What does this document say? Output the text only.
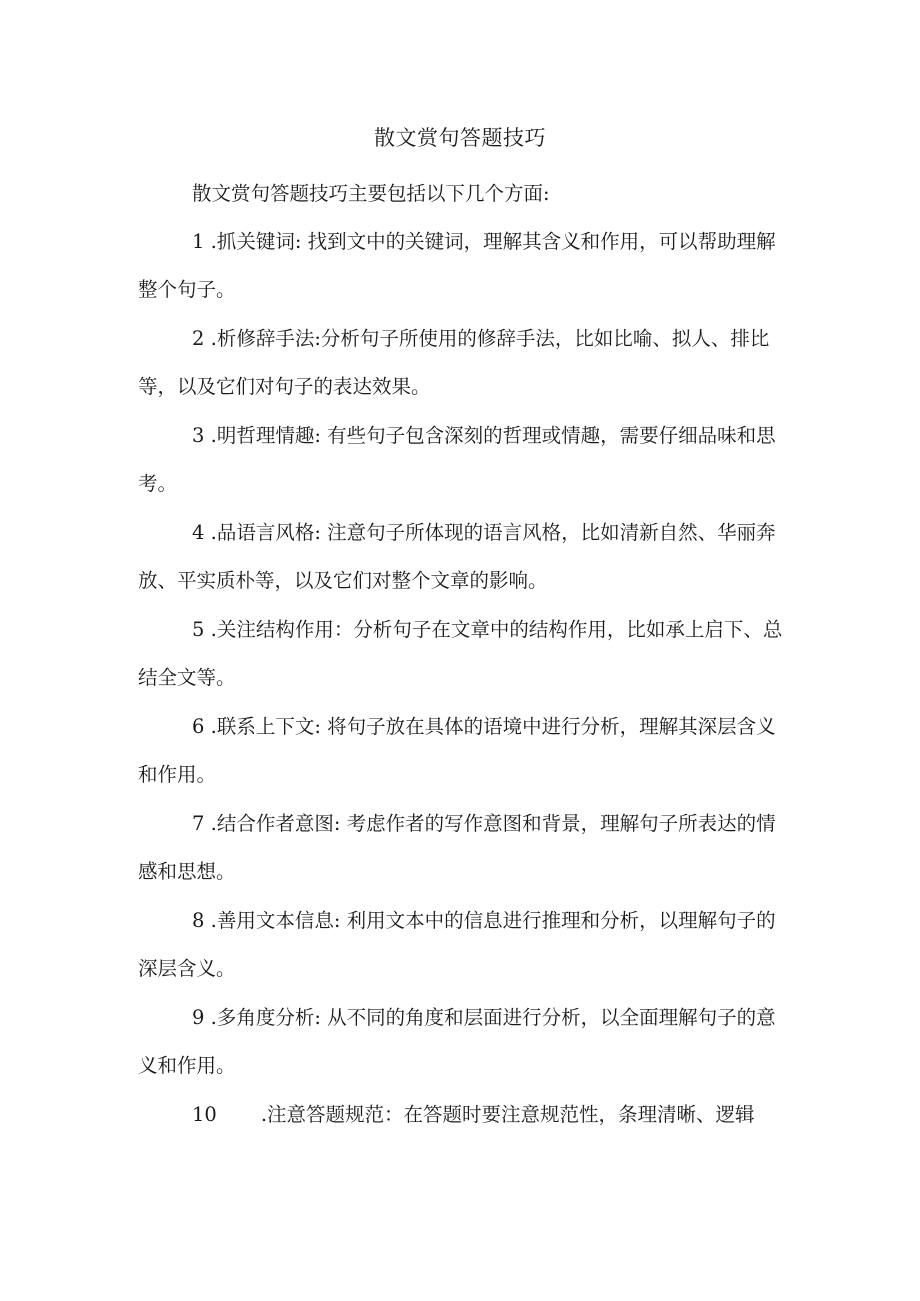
散文赏句答题技巧
散文赏句答题技巧主要包括以下几个方面:
1 .抓关键词: 找到文中的关键词，理解其含义和作用，可以帮助理解整个句子。
2 .析修辞手法:分析句子所使用的修辞手法，比如比喻、拟人、排比等，以及它们对句子的表达效果。
3 .明哲理情趣: 有些句子包含深刻的哲理或情趣，需要仔细品味和思考。
4 .品语言风格: 注意句子所体现的语言风格，比如清新自然、华丽奔放、平实质朴等，以及它们对整个文章的影响。
5 .关注结构作用：分析句子在文章中的结构作用，比如承上启下、总结全文等。
6 .联系上下文: 将句子放在具体的语境中进行分析，理解其深层含义和作用。
7 .结合作者意图: 考虑作者的写作意图和背景，理解句子所表达的情感和思想。
8 .善用文本信息: 利用文本中的信息进行推理和分析，以理解句子的深层含义。
9 .多角度分析: 从不同的角度和层面进行分析，以全面理解句子的意义和作用。
10 .注意答题规范：在答题时要注意规范性，条理清晰、逻辑
